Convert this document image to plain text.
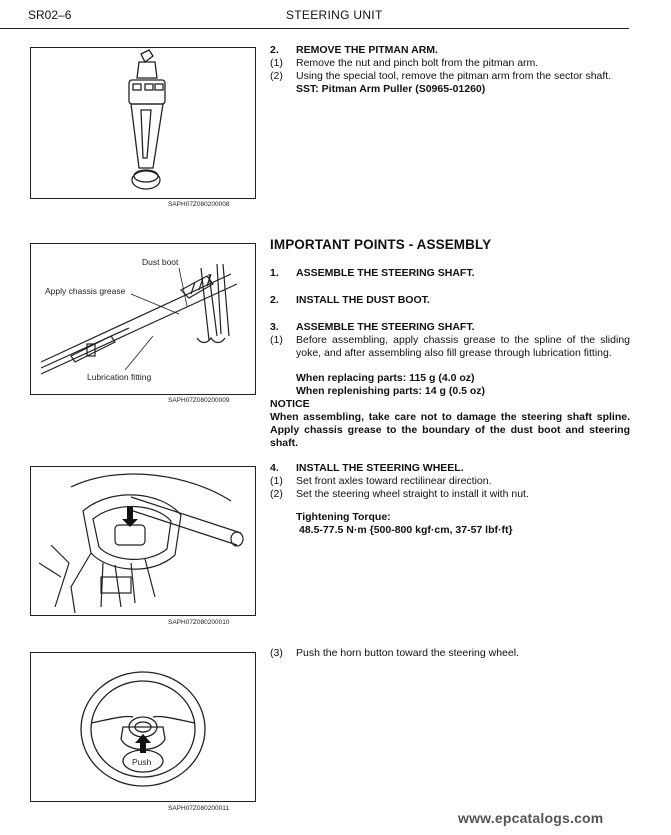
SR02–6	STEERING UNIT
SAPH07Z080200008
2. REMOVE THE PITMAN ARM.
(1) Remove the nut and pinch bolt from the pitman arm.
(2) Using the special tool, remove the pitman arm from the sector shaft.
SST: Pitman Arm Puller (S0965-01260)
Dust boot
Apply chassis grease
Lubrication fitting
SAPH07Z080200009
IMPORTANT POINTS - ASSEMBLY
1. ASSEMBLE THE STEERING SHAFT.
2. INSTALL THE DUST BOOT.
3. ASSEMBLE THE STEERING SHAFT.
(1) Before assembling, apply chassis grease to the spline of the sliding yoke, and after assembling also fill grease through lubrication fitting.
When replacing parts: 115 g (4.0 oz)
When replenishing parts: 14 g (0.5 oz)
NOTICE
When assembling, take care not to damage the steering shaft spline. Apply chassis grease to the boundary of the dust boot and steering shaft.
SAPH07Z080200010
4. INSTALL THE STEERING WHEEL.
(1) Set front axles toward rectilinear direction.
(2) Set the steering wheel straight to install it with nut.
Tightening Torque:
48.5-77.5 N·m {500-800 kgf·cm, 37-57 lbf·ft}
(3) Push the horn button toward the steering wheel.
Push
SAPH07Z080200011
www.epcatalogs.com
